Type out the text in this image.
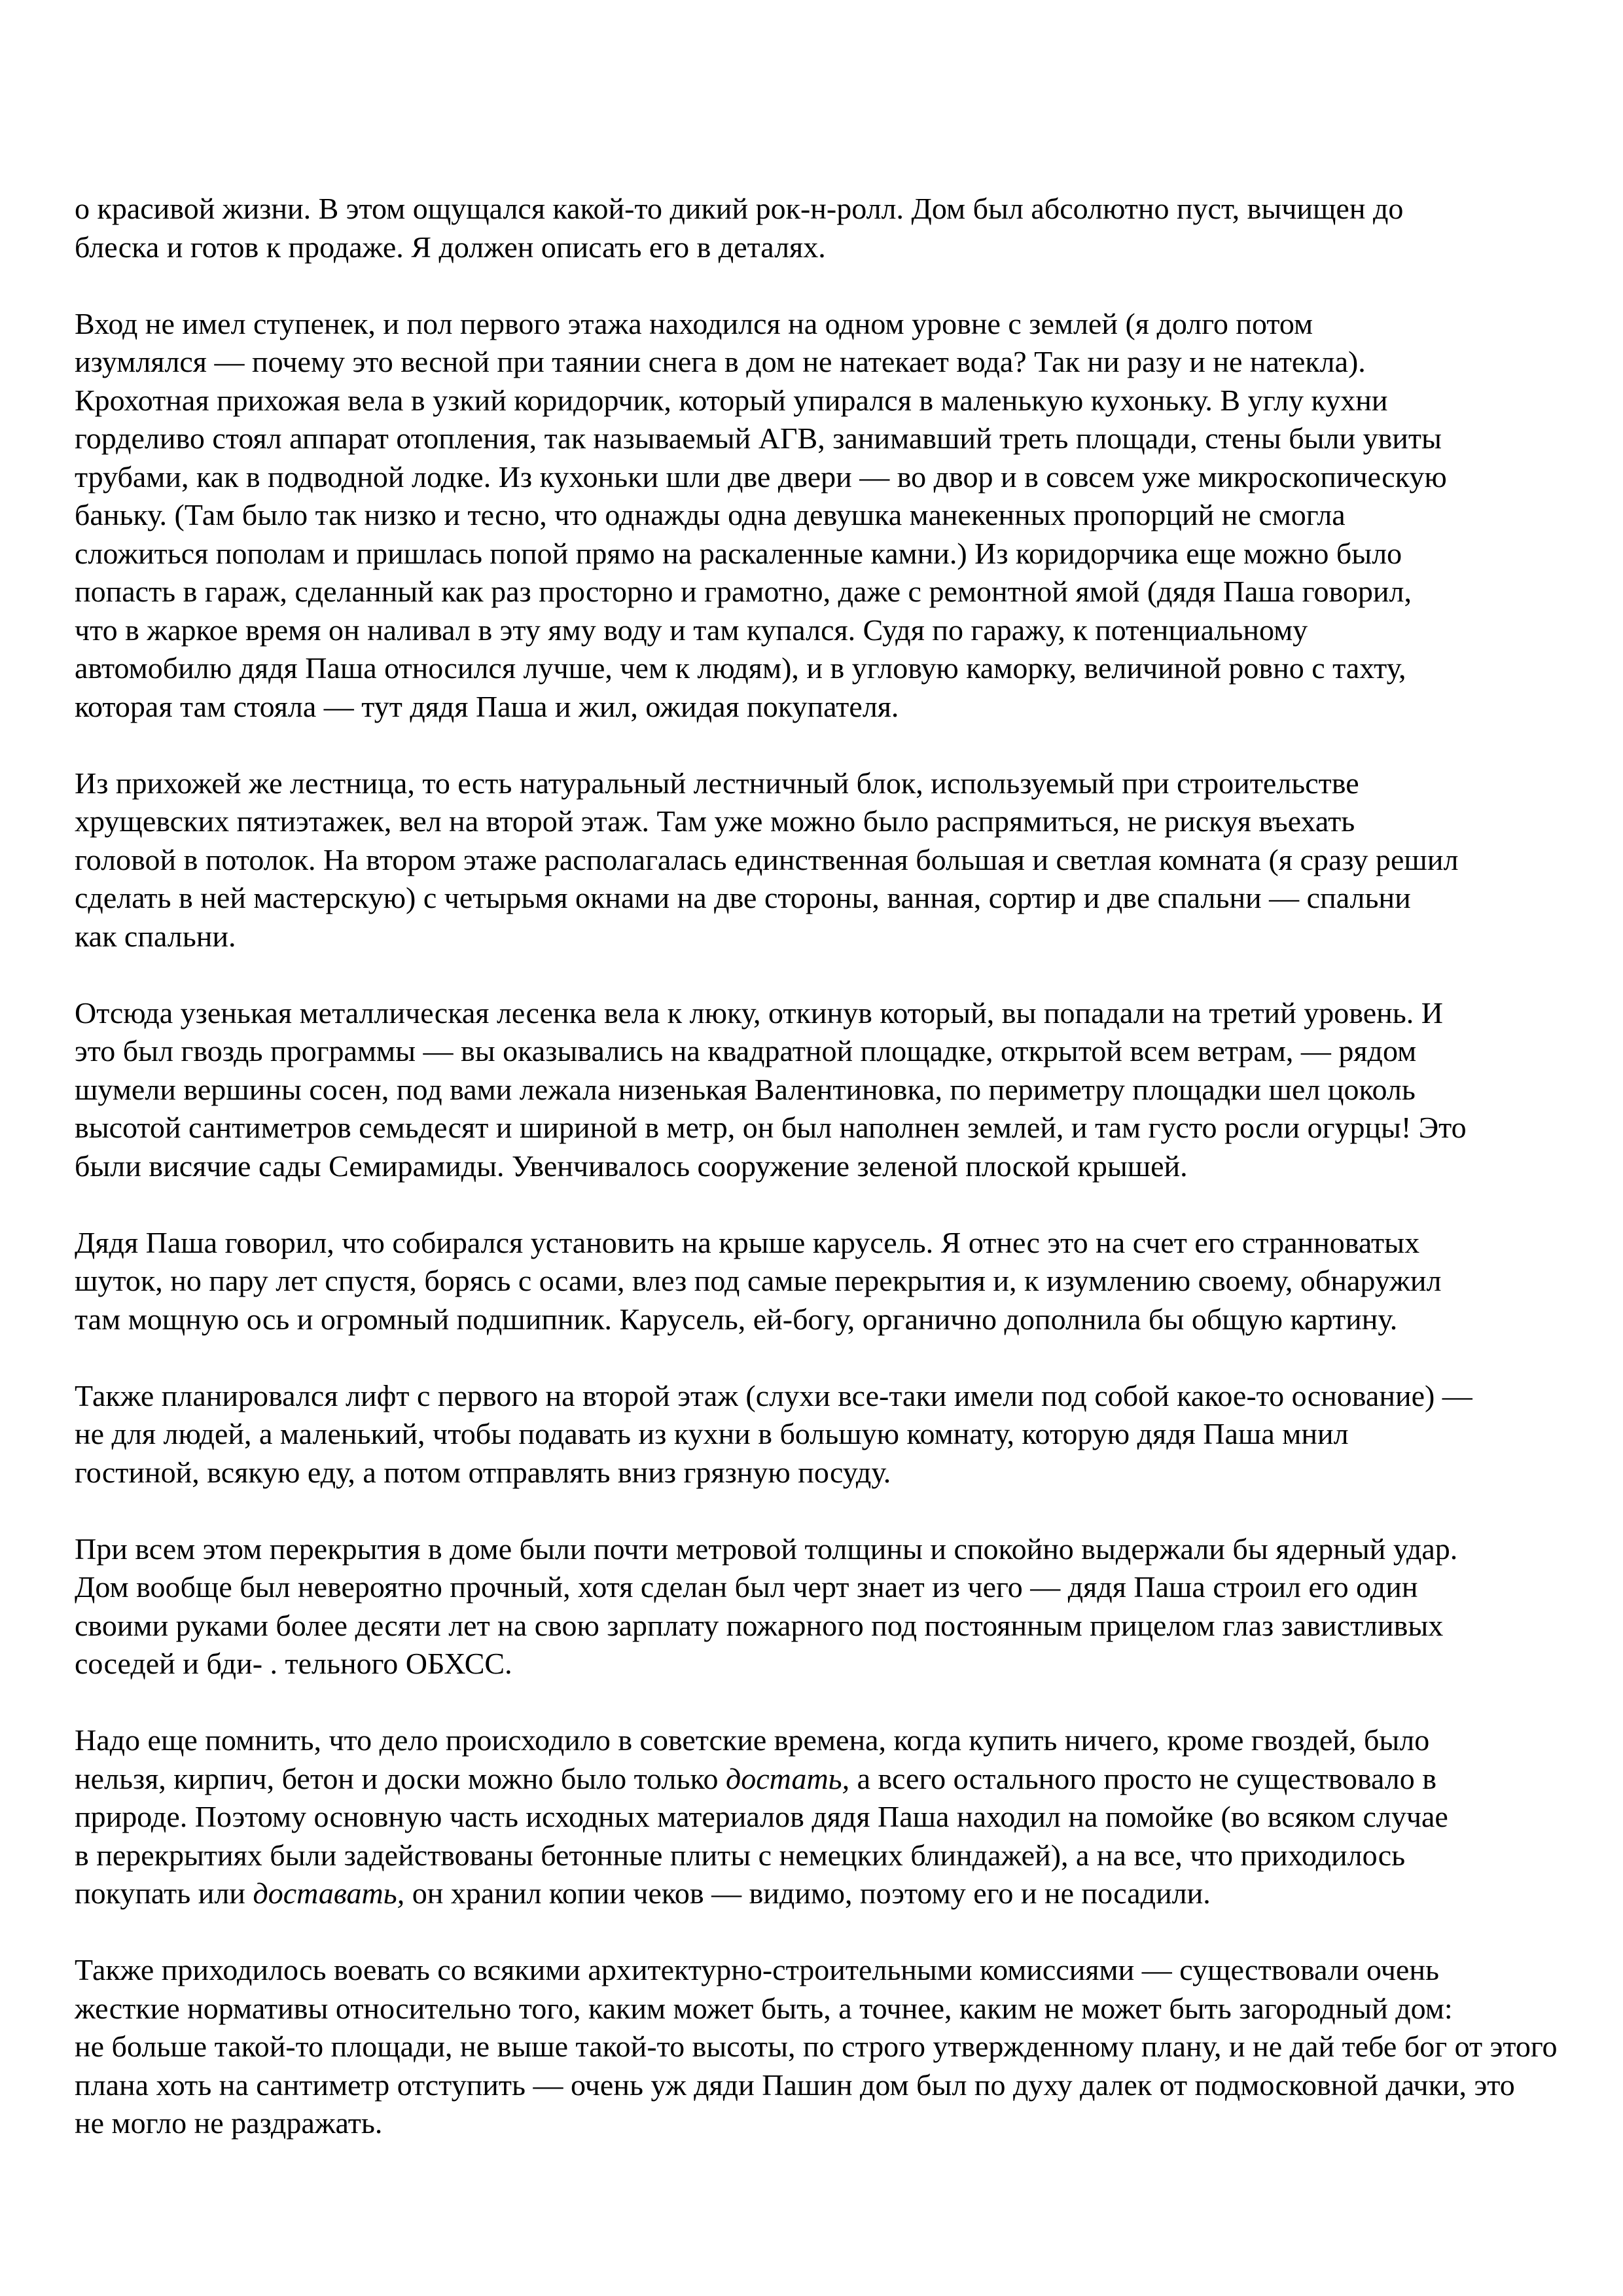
о красивой жизни. В этом ощущался какой-то дикий рок-н-ролл. Дом был абсолютно пуст, вычищен до
блеска и готов к продаже. Я должен описать его в деталях.

Вход не имел ступенек, и пол первого этажа находился на одном уровне с землей (я долго потом
изумлялся — почему это весной при таянии снега в дом не натекает вода? Так ни разу и не натекла).
Крохотная прихожая вела в узкий коридорчик, который упирался в маленькую кухоньку. В углу кухни
горделиво стоял аппарат отопления, так называемый АГВ, занимавший треть площади, стены были увиты
трубами, как в подводной лодке. Из кухоньки шли две двери — во двор и в совсем уже микроскопическую
баньку. (Там было так низко и тесно, что однажды одна девушка манекенных пропорций не смогла
сложиться пополам и пришлась попой прямо на раскаленные камни.) Из коридорчика еще можно было
попасть в гараж, сделанный как раз просторно и грамотно, даже с ремонтной ямой (дядя Паша говорил,
что в жаркое время он наливал в эту яму воду и там купался. Судя по гаражу, к потенциальному
автомобилю дядя Паша относился лучше, чем к людям), и в угловую каморку, величиной ровно с тахту,
которая там стояла — тут дядя Паша и жил, ожидая покупателя.

Из прихожей же лестница, то есть натуральный лестничный блок, используемый при строительстве
хрущевских пятиэтажек, вел на второй этаж. Там уже можно было распрямиться, не рискуя въехать
головой в потолок. На втором этаже располагалась единственная большая и светлая комната (я сразу решил
сделать в ней мастерскую) с четырьмя окнами на две стороны, ванная, сортир и две спальни — спальни
как спальни.

Отсюда узенькая металлическая лесенка вела к люку, откинув который, вы попадали на третий уровень. И
это был гвоздь программы — вы оказывались на квадратной площадке, открытой всем ветрам, — рядом
шумели вершины сосен, под вами лежала низенькая Валентиновка, по периметру площадки шел цоколь
высотой сантиметров семьдесят и шириной в метр, он был наполнен землей, и там густо росли огурцы! Это
были висячие сады Семирамиды. Увенчивалось сооружение зеленой плоской крышей.

Дядя Паша говорил, что собирался установить на крыше карусель. Я отнес это на счет его странноватых
шуток, но пару лет спустя, борясь с осами, влез под самые перекрытия и, к изумлению своему, обнаружил
там мощную ось и огромный подшипник. Карусель, ей-богу, органично дополнила бы общую картину.

Также планировался лифт с первого на второй этаж (слухи все-таки имели под собой какое-то основание) —
не для людей, а маленький, чтобы подавать из кухни в большую комнату, которую дядя Паша мнил
гостиной, всякую еду, а потом отправлять вниз грязную посуду.

При всем этом перекрытия в доме были почти метровой толщины и спокойно выдержали бы ядерный удар.
Дом вообще был невероятно прочный, хотя сделан был черт знает из чего — дядя Паша строил его один
своими руками более десяти лет на свою зарплату пожарного под постоянным прицелом глаз завистливых
соседей и бди- . тельного ОБХСС.

Надо еще помнить, что дело происходило в советские времена, когда купить ничего, кроме гвоздей, было
нельзя, кирпич, бетон и доски можно было только достать, а всего остального просто не существовало в
природе. Поэтому основную часть исходных материалов дядя Паша находил на помойке (во всяком случае
в перекрытиях были задействованы бетонные плиты с немецких блиндажей), а на все, что приходилось
покупать или доставать, он хранил копии чеков — видимо, поэтому его и не посадили.

Также приходилось воевать со всякими архитектурно-строительными комиссиями — существовали очень
жесткие нормативы относительно того, каким может быть, а точнее, каким не может быть загородный дом:
не больше такой-то площади, не выше такой-то высоты, по строго утвержденному плану, и не дай тебе бог от этого
плана хоть на сантиметр отступить — очень уж дяди Пашин дом был по духу далек от подмосковной дачки, это
не могло не раздражать.
